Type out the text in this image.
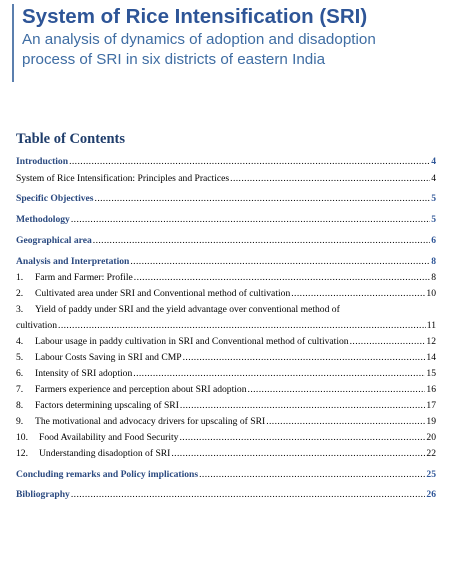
System of Rice Intensification (SRI)
An analysis of dynamics of adoption and disadoption
process of SRI in six districts of eastern India
Table of Contents
Introduction .....	4
System of Rice Intensification: Principles and Practices .....	4
Specific Objectives .....	5
Methodology .....	5
Geographical area .....	6
Analysis and Interpretation .....	8
1.	Farm and Farmer: Profile .....	8
2.	Cultivated area under SRI and Conventional method of cultivation .....	10
3. Yield of paddy under SRI and the yield advantage over conventional method of
cultivation .....	11
4.	Labour usage in paddy cultivation in SRI and Conventional method of cultivation .....	12
5.	Labour Costs Saving in SRI and CMP .....	14
6.	Intensity of SRI adoption .....	15
7.	Farmers experience and perception about SRI adoption .....	16
8.	Factors determining upscaling of SRI .....	17
9.	The motivational and advocacy drivers for upscaling of SRI .....	19
10.	Food Availability and Food Security .....	20
12.	Understanding disadoption of SRI .....	22
Concluding remarks and Policy implications .....	25
Bibliography .....	26
